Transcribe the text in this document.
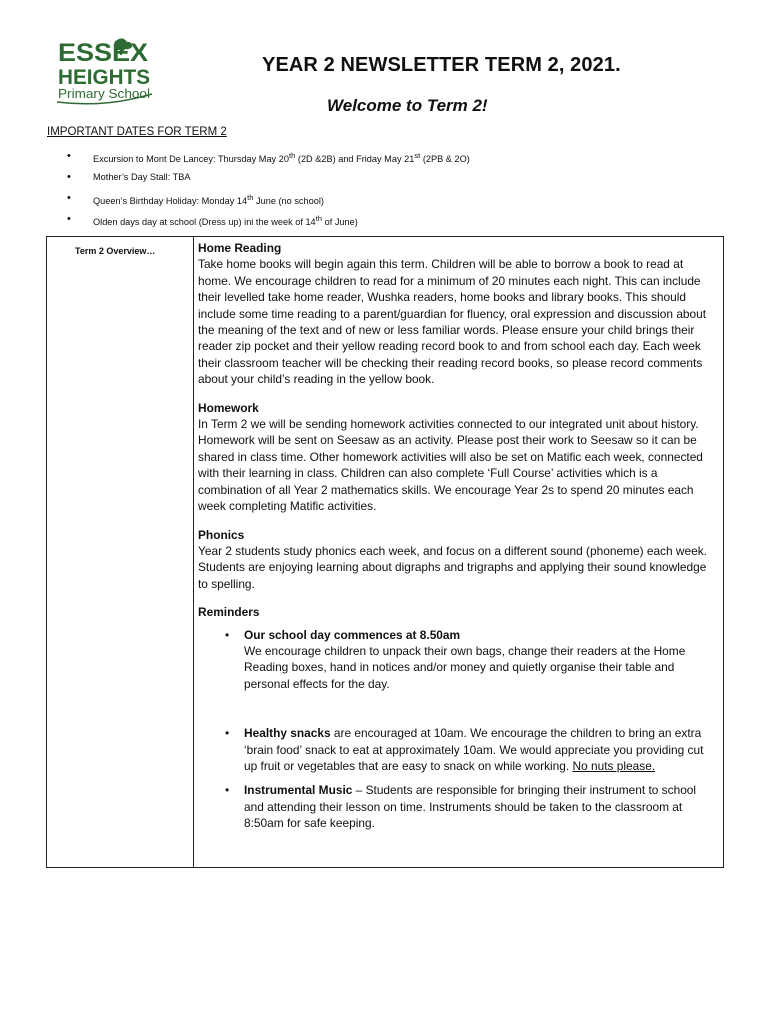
ESSEX
HEIGHTS
Primary School
YEAR 2 NEWSLETTER TERM 2, 2021.
Welcome to Term 2!
IMPORTANT DATES FOR TERM 2
• Excursion to Mont De Lancey: Thursday May 20th (2D &2B) and Friday May 21st (2PB & 2O)
• Mother’s Day Stall: TBA
• Queen’s Birthday Holiday: Monday 14th June (no school)
• Olden days day at school (Dress up) ini the week of 14th of June)
Term 2 Overview…	Home Reading

Take home books will begin again this term. Children will be able to borrow a book to read at home. We encourage children to read for a minimum of 20 minutes each night. This can include their levelled take home reader, Wushka readers, home books and library books. This should include some time reading to a parent/guardian for fluency, oral expression and discussion about the meaning of the text and of new or less familiar words. Please ensure your child brings their reader zip pocket and their yellow reading record book to and from school each day. Each week their classroom teacher will be checking their reading record books, so please record comments about your child’s reading in the yellow book.

Homework

In Term 2 we will be sending homework activities connected to our integrated unit about history. Homework will be sent on Seesaw as an activity. Please post their work to Seesaw so it can be shared in class time. Other homework activities will also be set on Matific each week, connected with their learning in class. Children can also complete ‘Full Course’ activities which is a combination of all Year 2 mathematics skills. We encourage Year 2s to spend 20 minutes each week completing Matific activities.

Phonics

Year 2 students study phonics each week, and focus on a different sound (phoneme) each week. Students are enjoying learning about digraphs and trigraphs and applying their sound knowledge to spelling.

Reminders
• Our school day commences at 8.50am
We encourage children to unpack their own bags, change their readers at the Home Reading boxes, hand in notices and/or money and quietly organise their table and personal effects for the day.
• Healthy snacks are encouraged at 10am. We encourage the children to bring an extra ‘brain food’ snack to eat at approximately 10am. We would appreciate you providing cut up fruit or vegetables that are easy to snack on while working. No nuts please.
• Instrumental Music – Students are responsible for bringing their instrument to school and attending their lesson on time. Instruments should be taken to the classroom at 8:50am for safe keeping.
